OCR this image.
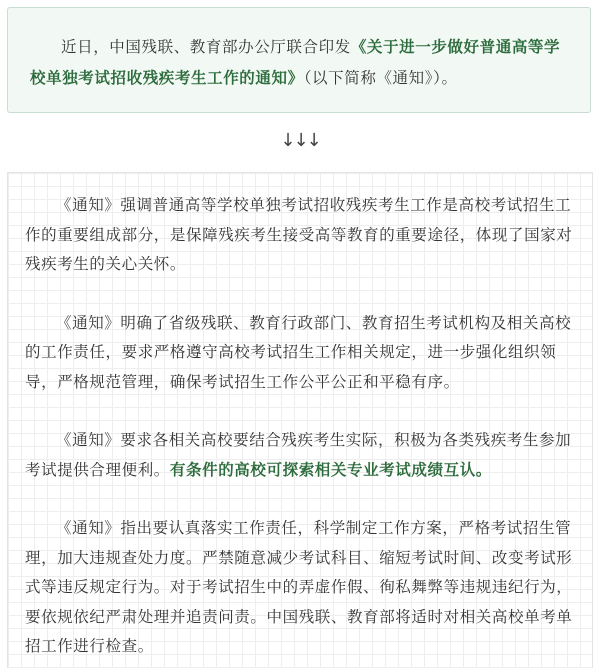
近日，中国残联、教育部办公厅联合印发《关于进一步做好普通高等学校单独考试招收残疾考生工作的通知》（以下简称《通知》）。
↓↓↓

《通知》强调普通高等学校单独考试招收残疾考生工作是高校考试招生工作的重要组成部分，是保障残疾考生接受高等教育的重要途径，体现了国家对残疾考生的关心关怀。

《通知》明确了省级残联、教育行政部门、教育招生考试机构及相关高校的工作责任，要求严格遵守高校考试招生工作相关规定，进一步强化组织领导，严格规范管理，确保考试招生工作公平公正和平稳有序。

《通知》要求各相关高校要结合残疾考生实际，积极为各类残疾考生参加考试提供合理便利。有条件的高校可探索相关专业考试成绩互认。

《通知》指出要认真落实工作责任，科学制定工作方案，严格考试招生管理，加大违规查处力度。严禁随意减少考试科目、缩短考试时间、改变考试形式等违反规定行为。对于考试招生中的弄虚作假、徇私舞弊等违规违纪行为，要依规依纪严肃处理并追责问责。中国残联、教育部将适时对相关高校单考单招工作进行检查。
